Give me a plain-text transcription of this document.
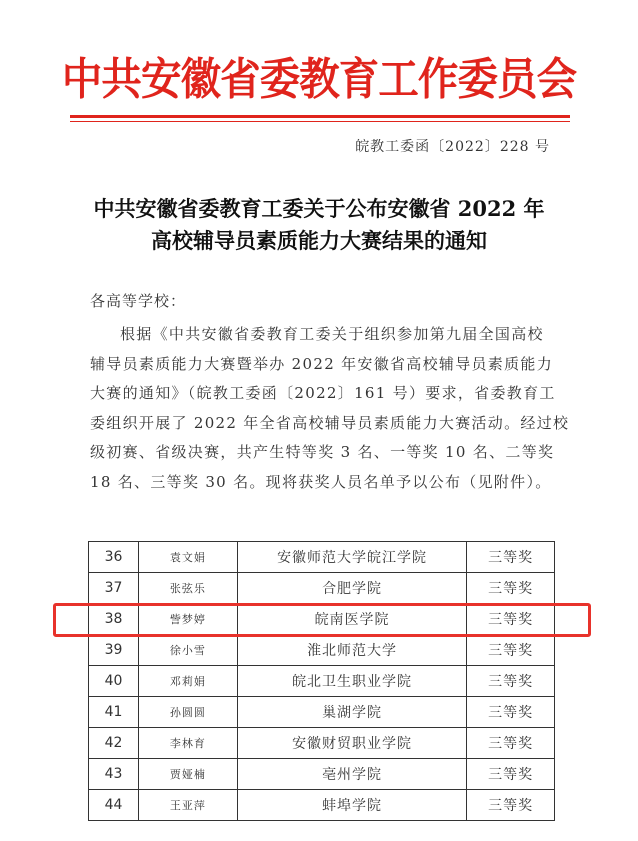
中共安徽省委教育工作委员会
皖教工委函〔2022〕228 号
中共安徽省委教育工委关于公布安徽省 2022 年
高校辅导员素质能力大赛结果的通知
各高等学校：
根据《中共安徽省委教育工委关于组织参加第九届全国高校
辅导员素质能力大赛暨举办 2022 年安徽省高校辅导员素质能力
大赛的通知》（皖教工委函〔2022〕161 号）要求，省委教育工
委组织开展了 2022 年全省高校辅导员素质能力大赛活动。经过校
级初赛、省级决赛，共产生特等奖 3 名、一等奖 10 名、二等奖
18 名、三等奖 30 名。现将获奖人员名单予以公布（见附件）。
36	袁文娟	安徽师范大学皖江学院	三等奖
37	张弦乐	合肥学院	三等奖
38	訾梦婷	皖南医学院	三等奖
39	徐小雪	淮北师范大学	三等奖
40	邓莉娟	皖北卫生职业学院	三等奖
41	孙圆圆	巢湖学院	三等奖
42	李林育	安徽财贸职业学院	三等奖
43	贾娅楠	亳州学院	三等奖
44	王亚萍	蚌埠学院	三等奖
